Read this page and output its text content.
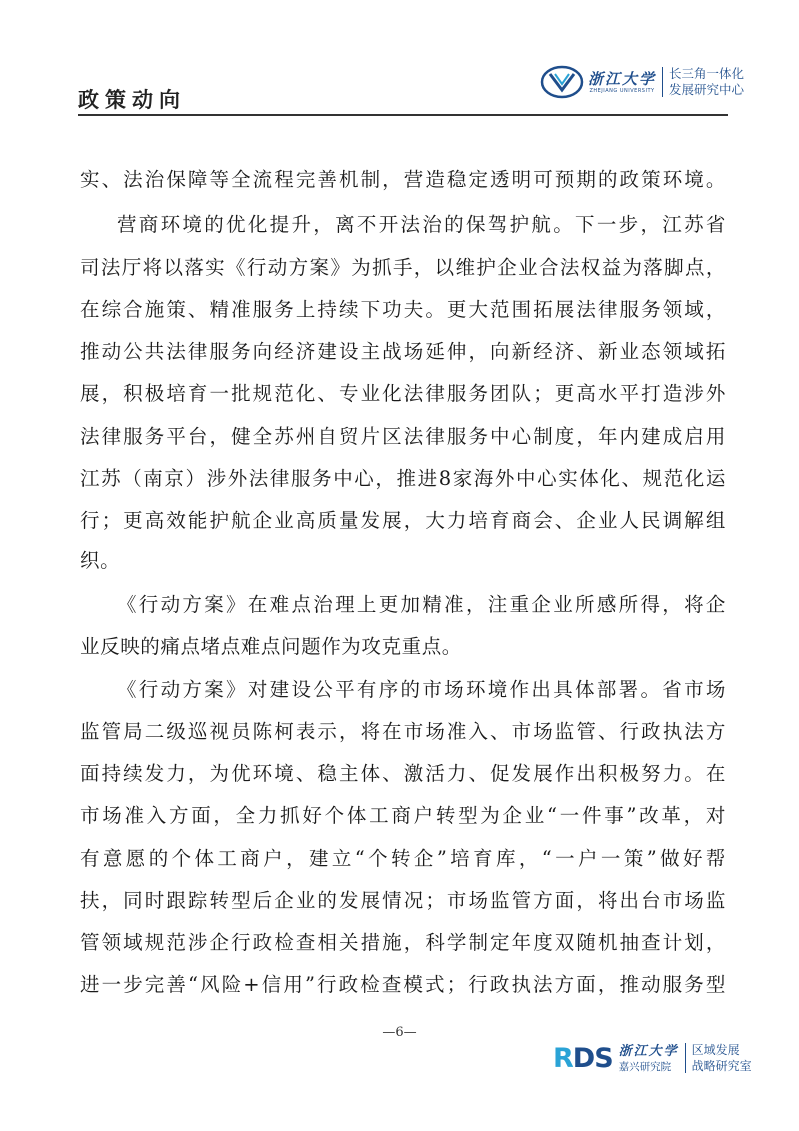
政策动向
浙江大学
ZHEJIANG UNIVERSITY
长三角一体化
发展研究中心
实、法治保障等全流程完善机制，营造稳定透明可预期的政策环境。
营商环境的优化提升，离不开法治的保驾护航。下一步，江苏省
司法厅将以落实《行动方案》为抓手，以维护企业合法权益为落脚点，
在综合施策、精准服务上持续下功夫。更大范围拓展法律服务领域，
推动公共法律服务向经济建设主战场延伸，向新经济、新业态领域拓
展，积极培育一批规范化、专业化法律服务团队；更高水平打造涉外
法律服务平台，健全苏州自贸片区法律服务中心制度，年内建成启用
江苏（南京）涉外法律服务中心，推进8家海外中心实体化、规范化运
行；更高效能护航企业高质量发展，大力培育商会、企业人民调解组
织。
《行动方案》在难点治理上更加精准，注重企业所感所得，将企
业反映的痛点堵点难点问题作为攻克重点。
《行动方案》对建设公平有序的市场环境作出具体部署。省市场
监管局二级巡视员陈柯表示，将在市场准入、市场监管、行政执法方
面持续发力，为优环境、稳主体、激活力、促发展作出积极努力。在
市场准入方面，全力抓好个体工商户转型为企业“一件事”改革，对
有意愿的个体工商户，建立“个转企”培育库，“一户一策”做好帮
扶，同时跟踪转型后企业的发展情况；市场监管方面，将出台市场监
管领域规范涉企行政检查相关措施，科学制定年度双随机抽查计划，
进一步完善“风险+信用”行政检查模式；行政执法方面，推动服务型
—6—
RDS 浙江大学
嘉兴研究院
区域发展
战略研究室
